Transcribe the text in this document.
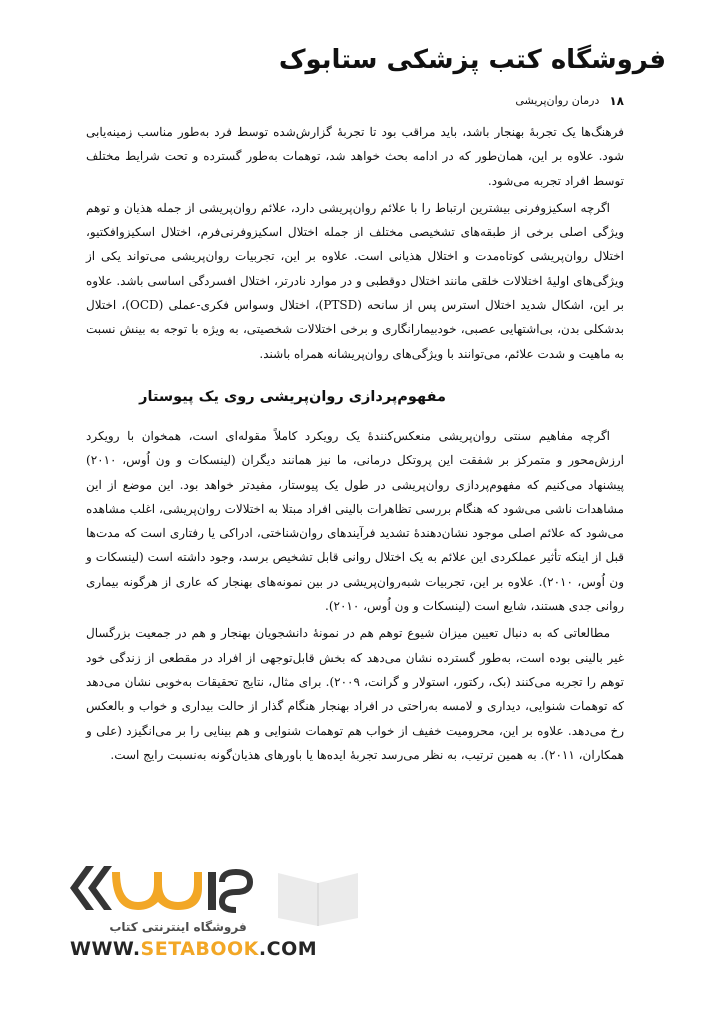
فروشگاه کتب پزشکی ستابوک
۱۸
درمان روان‌پریشی

فرهنگ‌ها یک تجربهٔ بهنجار باشد، باید مراقب بود تا تجربهٔ گزارش‌شده توسط فرد به‌طور مناسب زمینه‌یابی شود. علاوه بر این، همان‌طور که در ادامه بحث خواهد شد، توهمات به‌طور گسترده و تحت شرایط مختلف توسط افراد تجربه می‌شود.

اگرچه اسکیزوفرنی بیشترین ارتباط را با علائم روان‌پریشی دارد، علائم روان‌پریشی از جمله هذیان و توهم ویژگی اصلی برخی از طبقه‌های تشخیصی مختلف از جمله اختلال اسکیزوفرنی‌فرم، اختلال اسکیزوافکتیو، اختلال روان‌پریشی کوتاه‌مدت و اختلال هذیانی است. علاوه بر این، تجربیات روان‌پریشی می‌تواند یکی از ویژگی‌های اولیهٔ اختلالات خلقی مانند اختلال دوقطبی و در موارد نادرتر، اختلال افسردگی اساسی باشد. علاوه بر این، اشکال شدید اختلال استرس پس از سانحه (PTSD)، اختلال وسواس فکری-عملی (OCD)، اختلال بدشکلی بدن، بی‌اشتهایی عصبی، خودبیمارانگاری و برخی اختلالات شخصیتی، به ویژه با توجه به بینش نسبت به ماهیت و شدت علائم، می‌توانند با ویژگی‌های روان‌پریشانه همراه باشند.

مفهوم‌پردازی روان‌پریشی روی یک پیوستار

اگرچه مفاهیم سنتی روان‌پریشی منعکس‌کنندهٔ یک رویکرد کاملاً مقوله‌ای است، همخوان با رویکرد ارزش‌محور و متمرکز بر شفقت این پروتکل درمانی، ما نیز همانند دیگران (لینسکات و ون اُوس، ۲۰۱۰) پیشنهاد می‌کنیم که مفهوم‌پردازی روان‌پریشی در طول یک پیوستار، مفیدتر خواهد بود. این موضع از این مشاهدات ناشی می‌شود که هنگام بررسی تظاهرات بالینی افراد مبتلا به اختلالات روان‌پریشی، اغلب مشاهده می‌شود که علائم اصلی موجود نشان‌دهندهٔ تشدید فرآیندهای روان‌شناختی، ادراکی یا رفتاری است که مدت‌ها قبل از اینکه تأثیر عملکردی این علائم به یک اختلال روانی قابل تشخیص برسد، وجود داشته است (لینسکات و ون اُوس، ۲۰۱۰). علاوه بر این، تجربیات شبه‌روان‌پریشی در بین نمونه‌های بهنجار که عاری از هرگونه بیماری روانی جدی هستند، شایع است (لینسکات و ون اُوس، ۲۰۱۰).

مطالعاتی که به دنبال تعیین میزان شیوع توهم هم در نمونهٔ دانشجویان بهنجار و هم در جمعیت بزرگسال غیر بالینی بوده است، به‌طور گسترده نشان می‌دهد که بخش قابل‌توجهی از افراد در مقطعی از زندگی خود توهم را تجربه می‌کنند (بک، رکتور، استولار و گرانت، ۲۰۰۹). برای مثال، نتایج تحقیقات به‌خوبی نشان می‌دهد که توهمات شنوایی، دیداری و لامسه به‌راحتی در افراد بهنجار هنگام گذار از حالت بیداری و خواب و بالعکس رخ می‌دهد. علاوه بر این، محرومیت خفیف از خواب هم توهمات شنوایی و هم بینایی را بر می‌انگیزد (علی و همکاران، ۲۰۱۱). به همین ترتیب، به نظر می‌رسد تجربهٔ ایده‌ها یا باورهای هذیان‌گونه به‌نسبت رایج است.

فروشگاه اینترنتی کتاب
WWW.SETABOOK.COM
